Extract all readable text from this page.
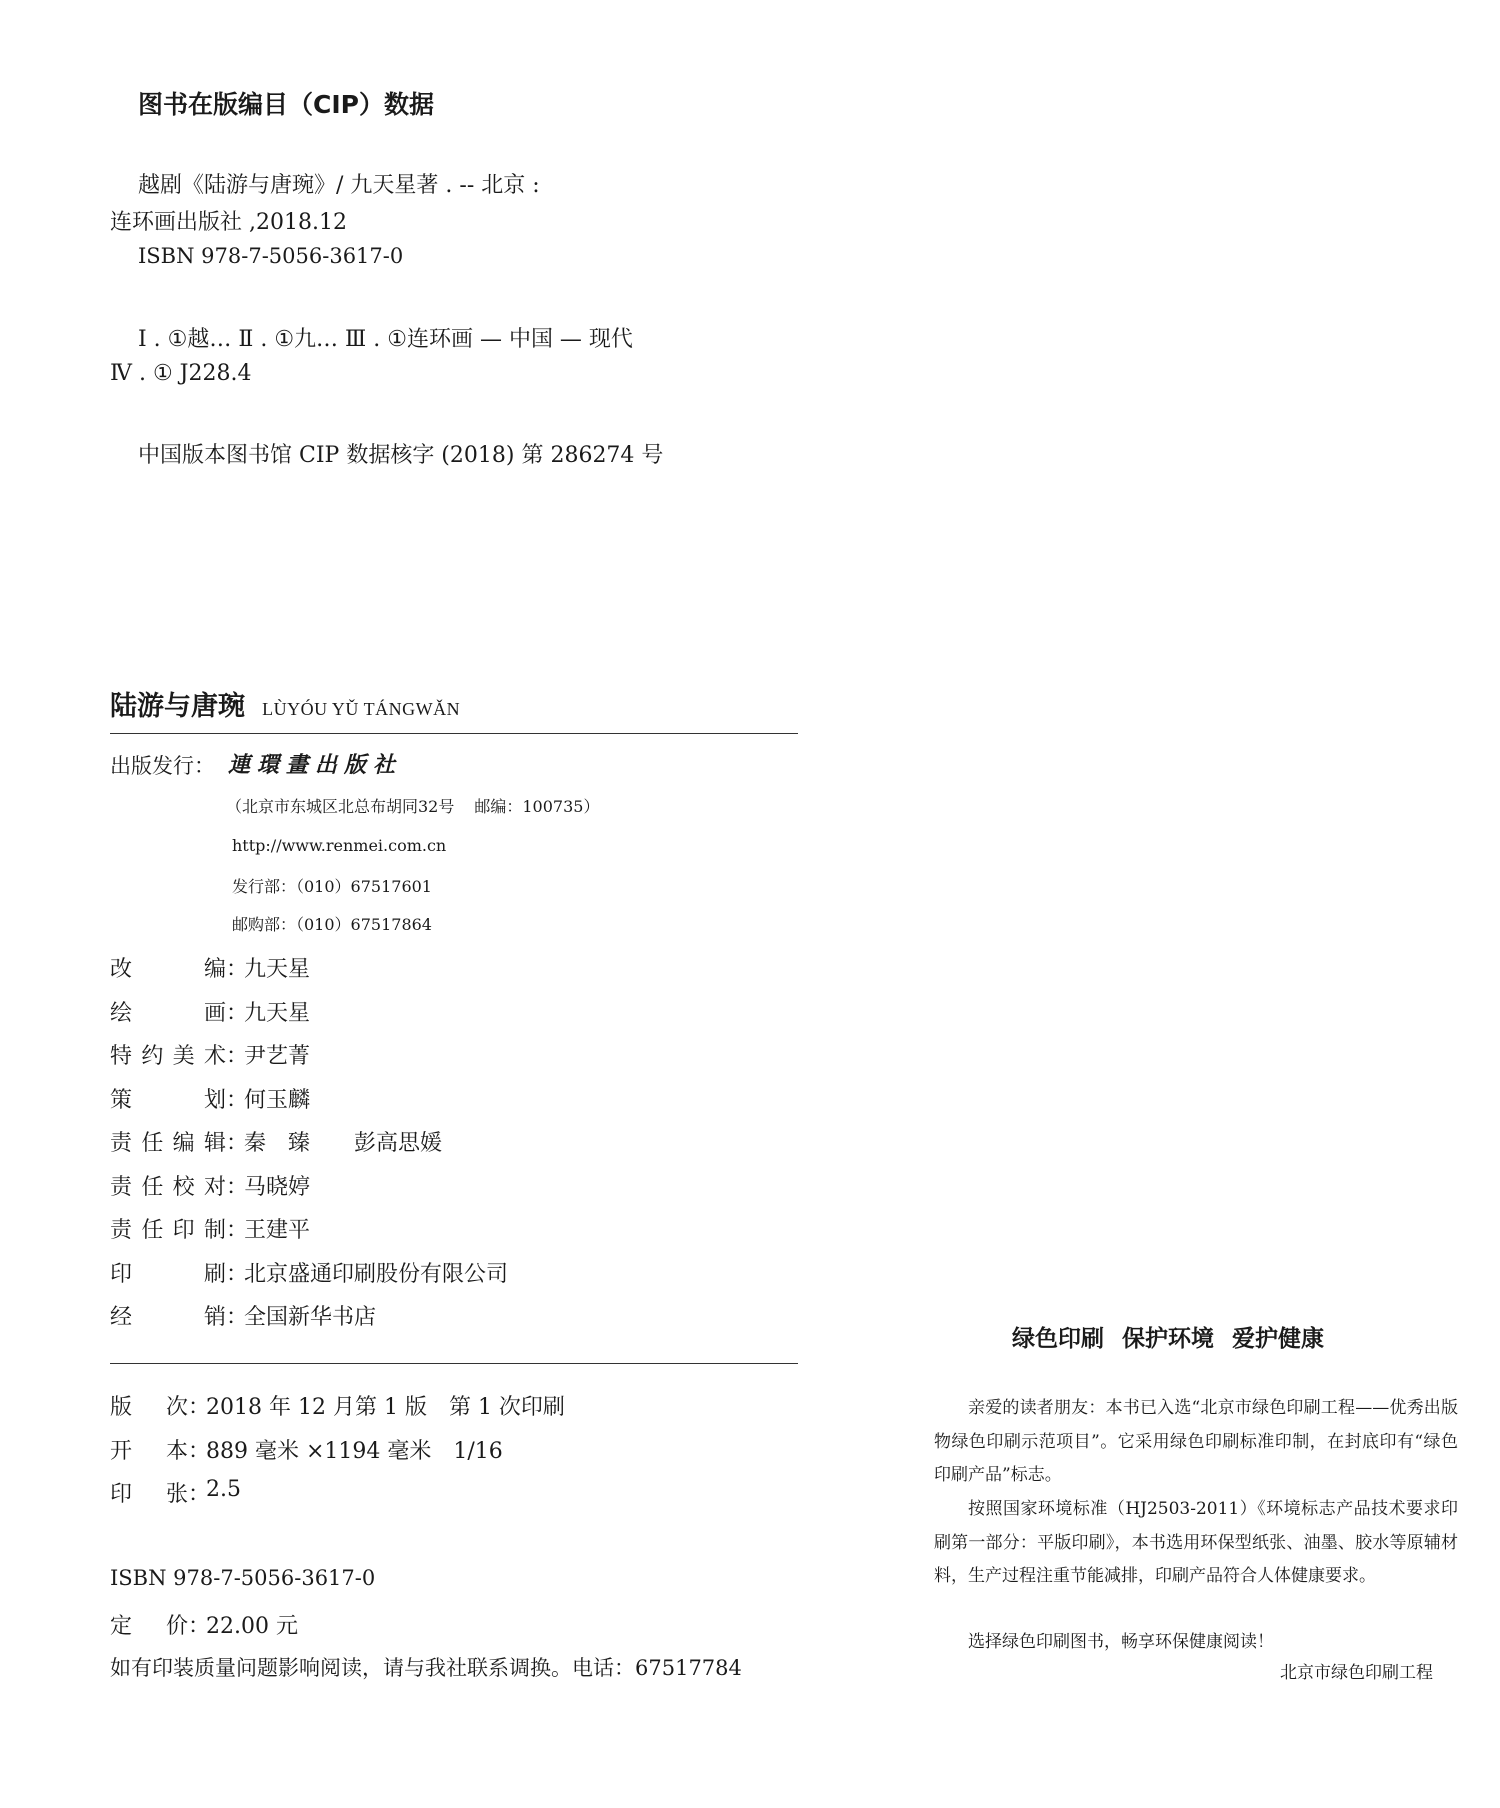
图书在版编目（CIP）数据
越剧《陆游与唐琬》/ 九天星著 . -- 北京 :
连环画出版社 ,2018.12
ISBN 978-7-5056-3617-0
Ⅰ . ①越… Ⅱ . ①九… Ⅲ . ①连环画 — 中国 — 现代
Ⅳ . ① J228.4
中国版本图书馆 CIP 数据核字 (2018) 第 286274 号
陆游与唐琬 LÙYÓU YǓ TÁNGWǍN
出版发行： 連環畫出版社
（北京市东城区北总布胡同32号 邮编：100735）
http://www.renmei.com.cn
发行部：（010）67517601
邮购部：（010）67517864
改	编 ：
九天星
绘	画 ：
九天星
特 约 美 术 ：
尹艺菁
策	划 ：
何玉麟
责 任 编 辑 ：
秦　臻　　彭高思媛
责 任 校 对 ：
马晓婷
责 任 印 制 ：
王建平
印	刷 ：
北京盛通印刷股份有限公司
经	销 ：
全国新华书店
版 次 ：
2018 年 12 月第 1 版　第 1 次印刷
开 本 ：
889 毫米 ×1194 毫米　1/16
印 张 ：
2.5
ISBN 978-7-5056-3617-0
定 价 ：
22.00 元
如有印装质量问题影响阅读，请与我社联系调换。电话：67517784
绿色印刷 保护环境 爱护健康
亲爱的读者朋友：本书已入选“北京市绿色印刷工程——优秀出版物绿色印刷示范项目”。它采用绿色印刷标准印制，在封底印有“绿色印刷产品”标志。
按照国家环境标准（HJ2503-2011）《环境标志产品技术要求印刷第一部分：平版印刷》，本书选用环保型纸张、油墨、胶水等原辅材料，生产过程注重节能减排，印刷产品符合人体健康要求。
选择绿色印刷图书，畅享环保健康阅读！
北京市绿色印刷工程
